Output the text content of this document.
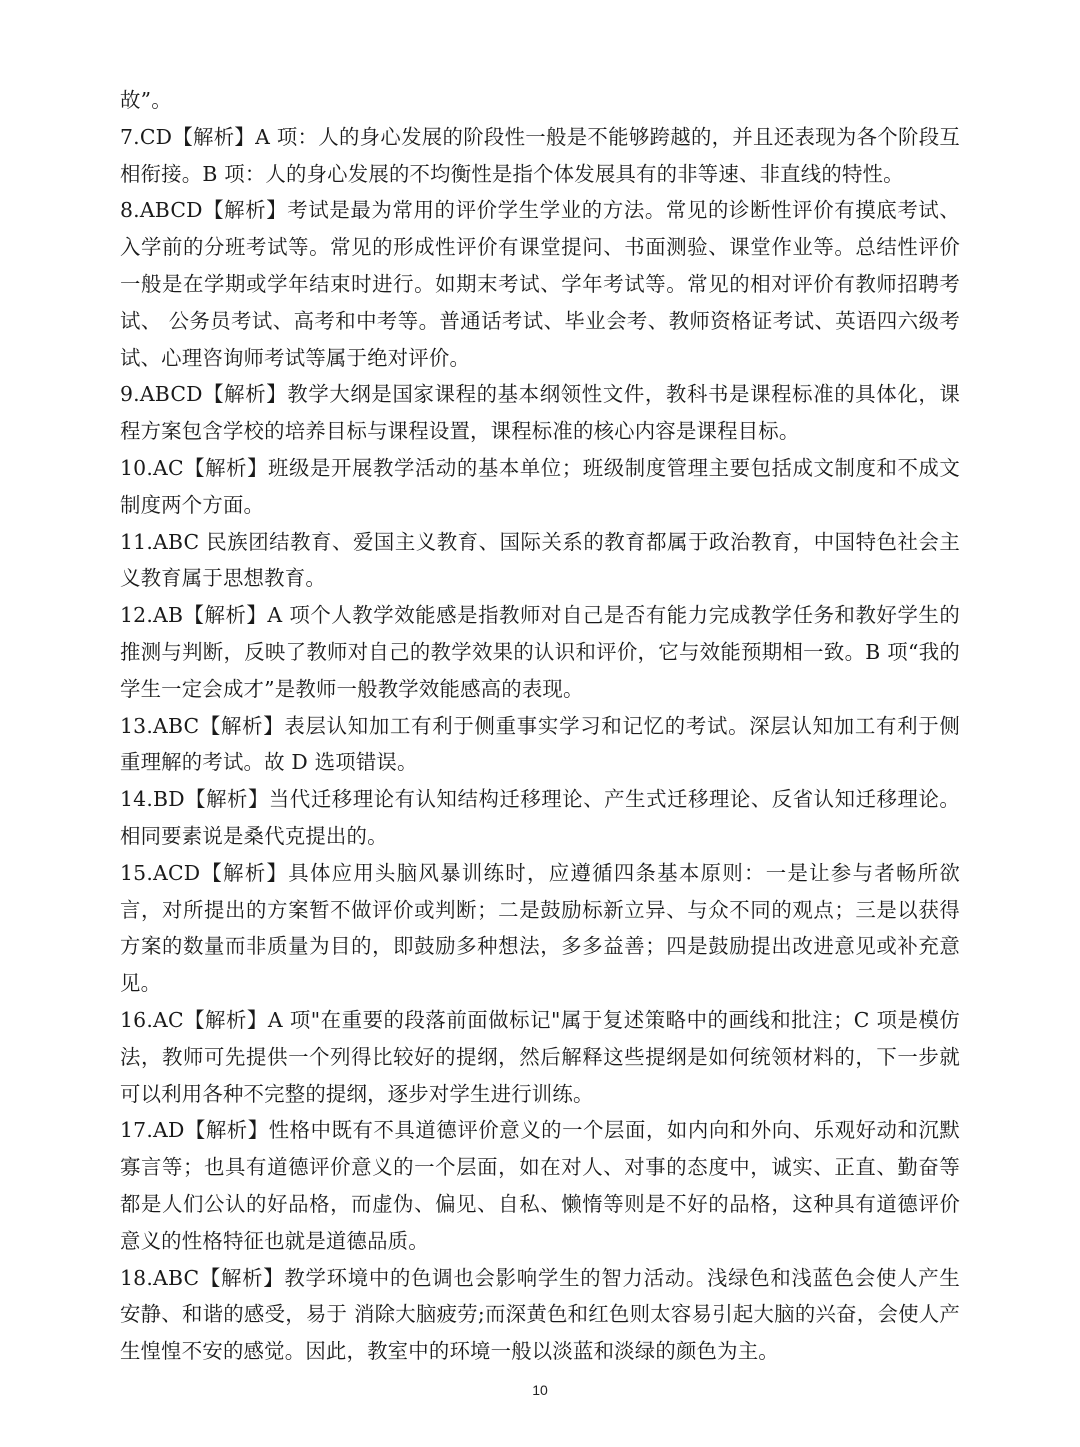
故”。

7.CD【解析】A 项：人的身心发展的阶段性一般是不能够跨越的，并且还表现为各个阶段互相衔接。B 项：人的身心发展的不均衡性是指个体发展具有的非等速、非直线的特性。

8.ABCD【解析】考试是最为常用的评价学生学业的方法。常见的诊断性评价有摸底考试、入学前的分班考试等。常见的形成性评价有课堂提问、书面测验、课堂作业等。总结性评价一般是在学期或学年结束时进行。如期末考试、学年考试等。常见的相对评价有教师招聘考试、 公务员考试、高考和中考等。普通话考试、毕业会考、教师资格证考试、英语四六级考试、心理咨询师考试等属于绝对评价。

9.ABCD【解析】教学大纲是国家课程的基本纲领性文件，教科书是课程标准的具体化，课程方案包含学校的培养目标与课程设置，课程标准的核心内容是课程目标。

10.AC【解析】班级是开展教学活动的基本单位；班级制度管理主要包括成文制度和不成文制度两个方面。

11.ABC 民族团结教育、爱国主义教育、国际关系的教育都属于政治教育，中国特色社会主义教育属于思想教育。

12.AB【解析】A 项个人教学效能感是指教师对自己是否有能力完成教学任务和教好学生的推测与判断，反映了教师对自己的教学效果的认识和评价，它与效能预期相一致。B 项“我的学生一定会成才”是教师一般教学效能感高的表现。

13.ABC【解析】表层认知加工有利于侧重事实学习和记忆的考试。深层认知加工有利于侧重理解的考试。故 D 选项错误。

14.BD【解析】当代迁移理论有认知结构迁移理论、产生式迁移理论、反省认知迁移理论。相同要素说是桑代克提出的。

15.ACD【解析】具体应用头脑风暴训练时，应遵循四条基本原则：一是让参与者畅所欲言，对所提出的方案暂不做评价或判断；二是鼓励标新立异、与众不同的观点；三是以获得方案的数量而非质量为目的，即鼓励多种想法，多多益善；四是鼓励提出改进意见或补充意见。

16.AC【解析】A 项"在重要的段落前面做标记"属于复述策略中的画线和批注；C 项是模仿法，教师可先提供一个列得比较好的提纲，然后解释这些提纲是如何统领材料的，下一步就可以利用各种不完整的提纲，逐步对学生进行训练。

17.AD【解析】性格中既有不具道德评价意义的一个层面，如内向和外向、乐观好动和沉默寡言等；也具有道德评价意义的一个层面，如在对人、对事的态度中，诚实、正直、勤奋等都是人们公认的好品格，而虚伪、偏见、自私、懒惰等则是不好的品格，这种具有道德评价意义的性格特征也就是道德品质。

18.ABC【解析】教学环境中的色调也会影响学生的智力活动。浅绿色和浅蓝色会使人产生安静、和谐的感受，易于 消除大脑疲劳;而深黄色和红色则太容易引起大脑的兴奋，会使人产生惶惶不安的感觉。因此，教室中的环境一般以淡蓝和淡绿的颜色为主。

10
